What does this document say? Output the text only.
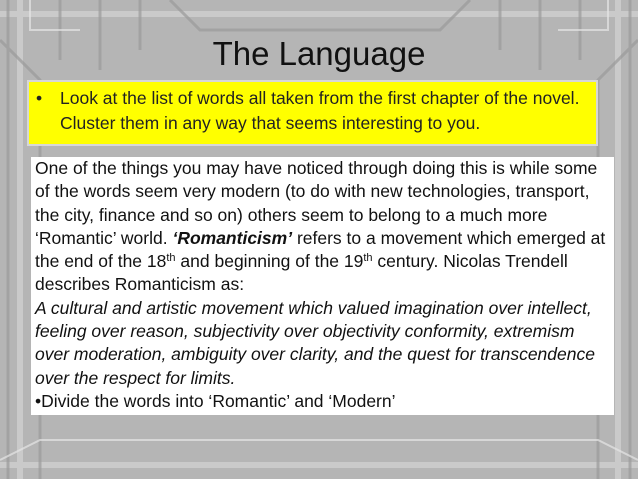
The Language
•	Look at the list of words all taken from the first chapter of the novel. Cluster them in any way that seems interesting to you.

One of the things you may have noticed through doing this is while some of the words seem very modern (to do with new technologies, transport, the city, finance and so on) others seem to belong to a much more ‘Romantic’ world. ‘Romanticism’ refers to a movement which emerged at the end of the 18th and beginning of the 19th century. Nicolas Trendell describes Romanticism as:

A cultural and artistic movement which valued imagination over intellect, feeling over reason, subjectivity over objectivity conformity, extremism over moderation, ambiguity over clarity, and the quest for transcendence over the respect for limits.

•Divide the words into ‘Romantic’ and ‘Modern’
